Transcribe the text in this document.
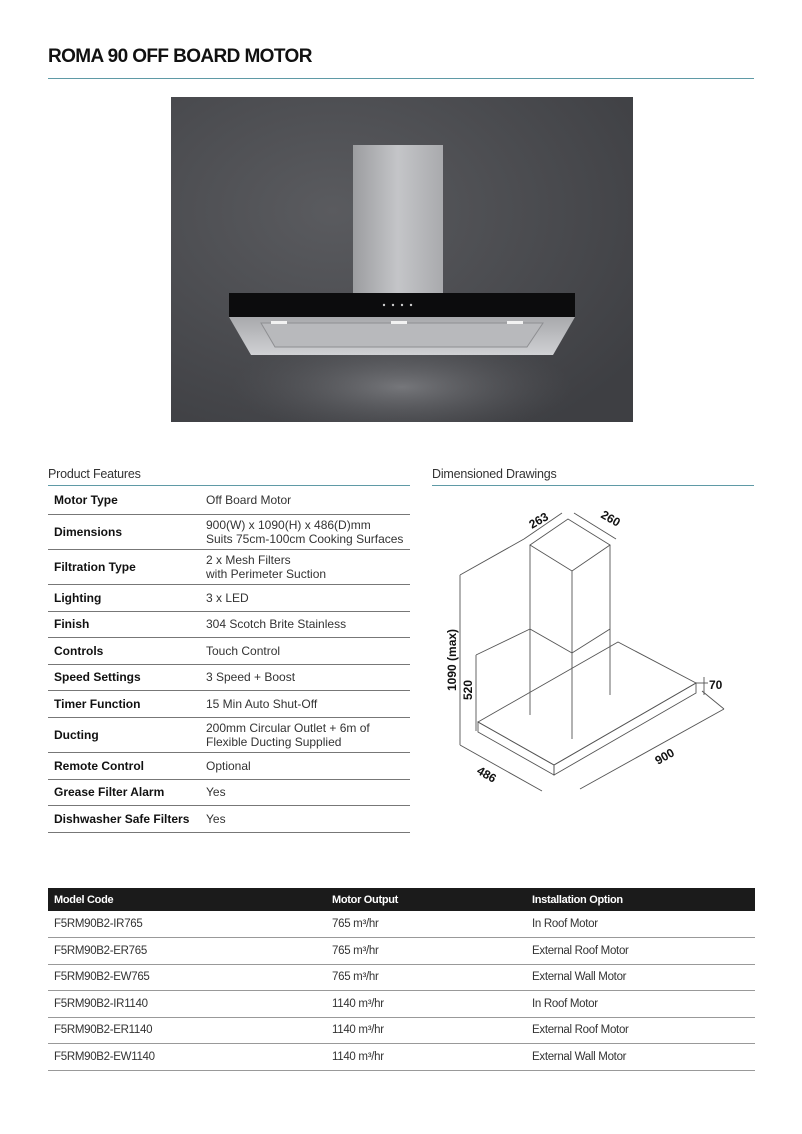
ROMA 90 OFF BOARD MOTOR
Product Features	Dimensioned Drawings
Motor Type	Off Board Motor

Dimensions	900(W) x 1090(H) x 486(D)mm
Suits 75cm-100cm Cooking Surfaces

Filtration Type	2 x Mesh Filters
with Perimeter Suction

Lighting	3 x LED

Finish	304 Scotch Brite Stainless

Controls	Touch Control

Speed Settings	3 Speed + Boost

Timer Function	15 Min Auto Shut-Off

Ducting	200mm Circular Outlet + 6m of
Flexible Ducting Supplied

Remote Control	Optional

Grease Filter Alarm	Yes

Dishwasher Safe Filters	Yes
263	260
1090 (max) 520	70
900
486
Model Code	Motor Output	Installation Option
F5RM90B2-IR765	765 m³/hr	In Roof Motor
F5RM90B2-ER765	765 m³/hr	External Roof Motor
F5RM90B2-EW765	765 m³/hr	External Wall Motor
F5RM90B2-IR1140	1140 m³/hr	In Roof Motor
F5RM90B2-ER1140	1140 m³/hr	External Roof Motor
F5RM90B2-EW1140	1140 m³/hr	External Wall Motor
